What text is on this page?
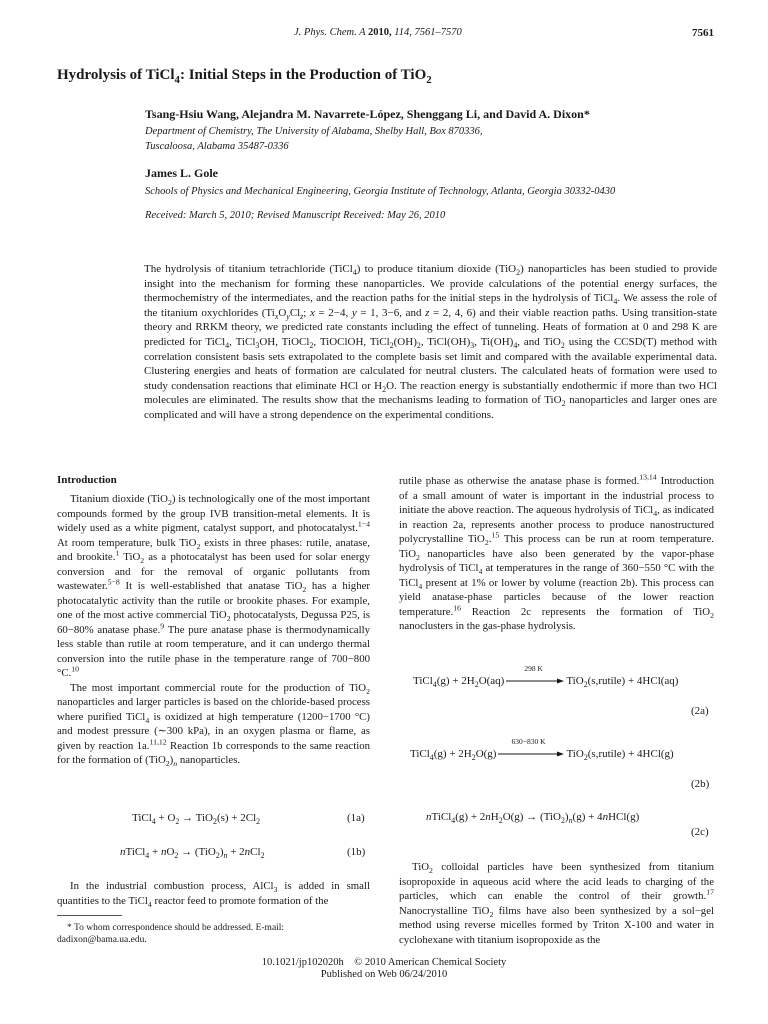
J. Phys. Chem. A 2010, 114, 7561–7570	7561
Hydrolysis of TiCl$_4$: Initial Steps in the Production of TiO$_2$
Tsang-Hsiu Wang, Alejandra M. Navarrete-López, Shenggang Li, and David A. Dixon*
Department of Chemistry, The University of Alabama, Shelby Hall, Box 870336,
Tuscaloosa, Alabama 35487-0336
James L. Gole
Schools of Physics and Mechanical Engineering, Georgia Institute of Technology, Atlanta, Georgia 30332-0430
Received: March 5, 2010; Revised Manuscript Received: May 26, 2010
The hydrolysis of titanium tetrachloride (TiCl$_4$) to produce titanium dioxide (TiO$_2$) nanoparticles has been studied to provide insight into the mechanism for forming these nanoparticles. We provide calculations of the potential energy surfaces, the thermochemistry of the intermediates, and the reaction paths for the initial steps in the hydrolysis of TiCl$_4$. We assess the role of the titanium oxychlorides ($Ti_xO_yCl_z$; x = 2−4, y = 1, 3−6, and z = 2, 4, 6) and their viable reaction paths. Using transition-state theory and RRKM theory, we predicted rate constants including the effect of tunneling. Heats of formation at 0 and 298 K are predicted for TiCl$_4$, TiCl$_3$OH, TiOCl$_2$, TiOClOH, $TiCl_2(OH)_2$, $TiCl(OH)_3$, $Ti(OH)_4$, and TiO$_2$ using the CCSD(T) method with correlation consistent basis sets extrapolated to the complete basis set limit and compared with the available experimental data. Clustering energies and heats of formation are calculated for neutral clusters. The calculated heats of formation were used to study condensation reactions that eliminate HCl or $H_2O$. The reaction energy is substantially endothermic if more than two HCl molecules are eliminated. The results show that the mechanisms leading to formation of TiO$_2$ nanoparticles and larger ones are complicated and will have a strong dependence on the experimental conditions.
Introduction

Titanium dioxide (TiO$_2$) is technologically one of the most important compounds formed by the group IVB transition-metal elements. It is widely used as a white pigment, catalyst support, and photocatalyst.$^{1-4}$ At room temperature, bulk TiO$_2$ exists in three phases: rutile, anatase, and brookite.$^1$ TiO$_2$ as a photocatalyst has been used for solar energy conversion and for the removal of organic pollutants from wastewater.$^{5-8}$ It is well-established that anatase TiO$_2$ has a higher photocatalytic activity than the rutile or brookite phases. For example, one of the most active commercial TiO$_2$ photocatalysts, Degussa P25, is 60−80% anatase phase.$^9$ The pure anatase phase is thermodynamically less stable than rutile at room temperature, and it can undergo thermal conversion into the rutile phase in the temperature range of 700−800 °C.$^{10}$

The most important commercial route for the production of TiO$_2$ nanoparticles and larger particles is based on the chloride-based process where purified TiCl$_4$ is oxidized at high temperature (1200−1700 °C) and modest pressure (∼300 kPa), in an oxygen plasma or flame, as given by reaction 1a.$^{11,12}$ Reaction 1b corresponds to the same reaction for the formation of $(TiO_2)_n$ nanoparticles.

TiCl$_4$ + $O_2 \to TiO_2(s) + 2Cl_2$	(1a)
nTiCl$_4$ + $nO_2 \to (TiO_2)_n + 2nCl_2$	(1b)

In the industrial combustion process, AlCl$_3$ is added in small quantities to the TiCl$_4$ reactor feed to promote formation of the

* To whom correspondence should be addressed. E-mail: dadixon@bama.ua.edu.

rutile phase as otherwise the anatase phase is formed.$^{13,14}$ Introduction of a small amount of water is important in the industrial process to initiate the above reaction. The aqueous hydrolysis of TiCl$_4$, as indicated in reaction 2a, represents another process to produce nanostructured polycrystalline TiO$_2$.$^{15}$ This process can be run at room temperature. TiO$_2$ nanoparticles have also been generated by the vapor-phase hydrolysis of TiCl$_4$ at temperatures in the range of 360−550 °C with the TiCl$_4$ present at 1% or lower by volume (reaction 2b). This process can yield anatase-phase particles because of the lower reaction temperature.$^{16}$ Reaction 2c represents the formation of TiO$_2$ nanoclusters in the gas-phase hydrolysis.

TiCl$_4$(g) + $2H_2O(aq)$
298 K
TiO$_2$(s,rutile) + 4HCl(aq)
(2a)
TiCl$_4$(g) + $2H_2O(g)$
630−830 K
TiO$_2$(s,rutile) + 4HCl(g)
(2b)
nTiCl$_4$(g) + $2nH_2O(g) \to (TiO_2)_n(g)$ + 4nHCl(g)
(2c)

TiO$_2$ colloidal particles have been synthesized from titanium isopropoxide in aqueous acid where the acid leads to charging of the particles, which can enable the control of their growth.$^{17}$ Nanocrystalline TiO$_2$ films have also been synthesized by a sol−gel method using reverse micelles formed by Triton X-100 and water in cyclohexane with titanium isopropoxide as the

10.1021/jp102020h © 2010 American Chemical Society
Published on Web 06/24/2010
